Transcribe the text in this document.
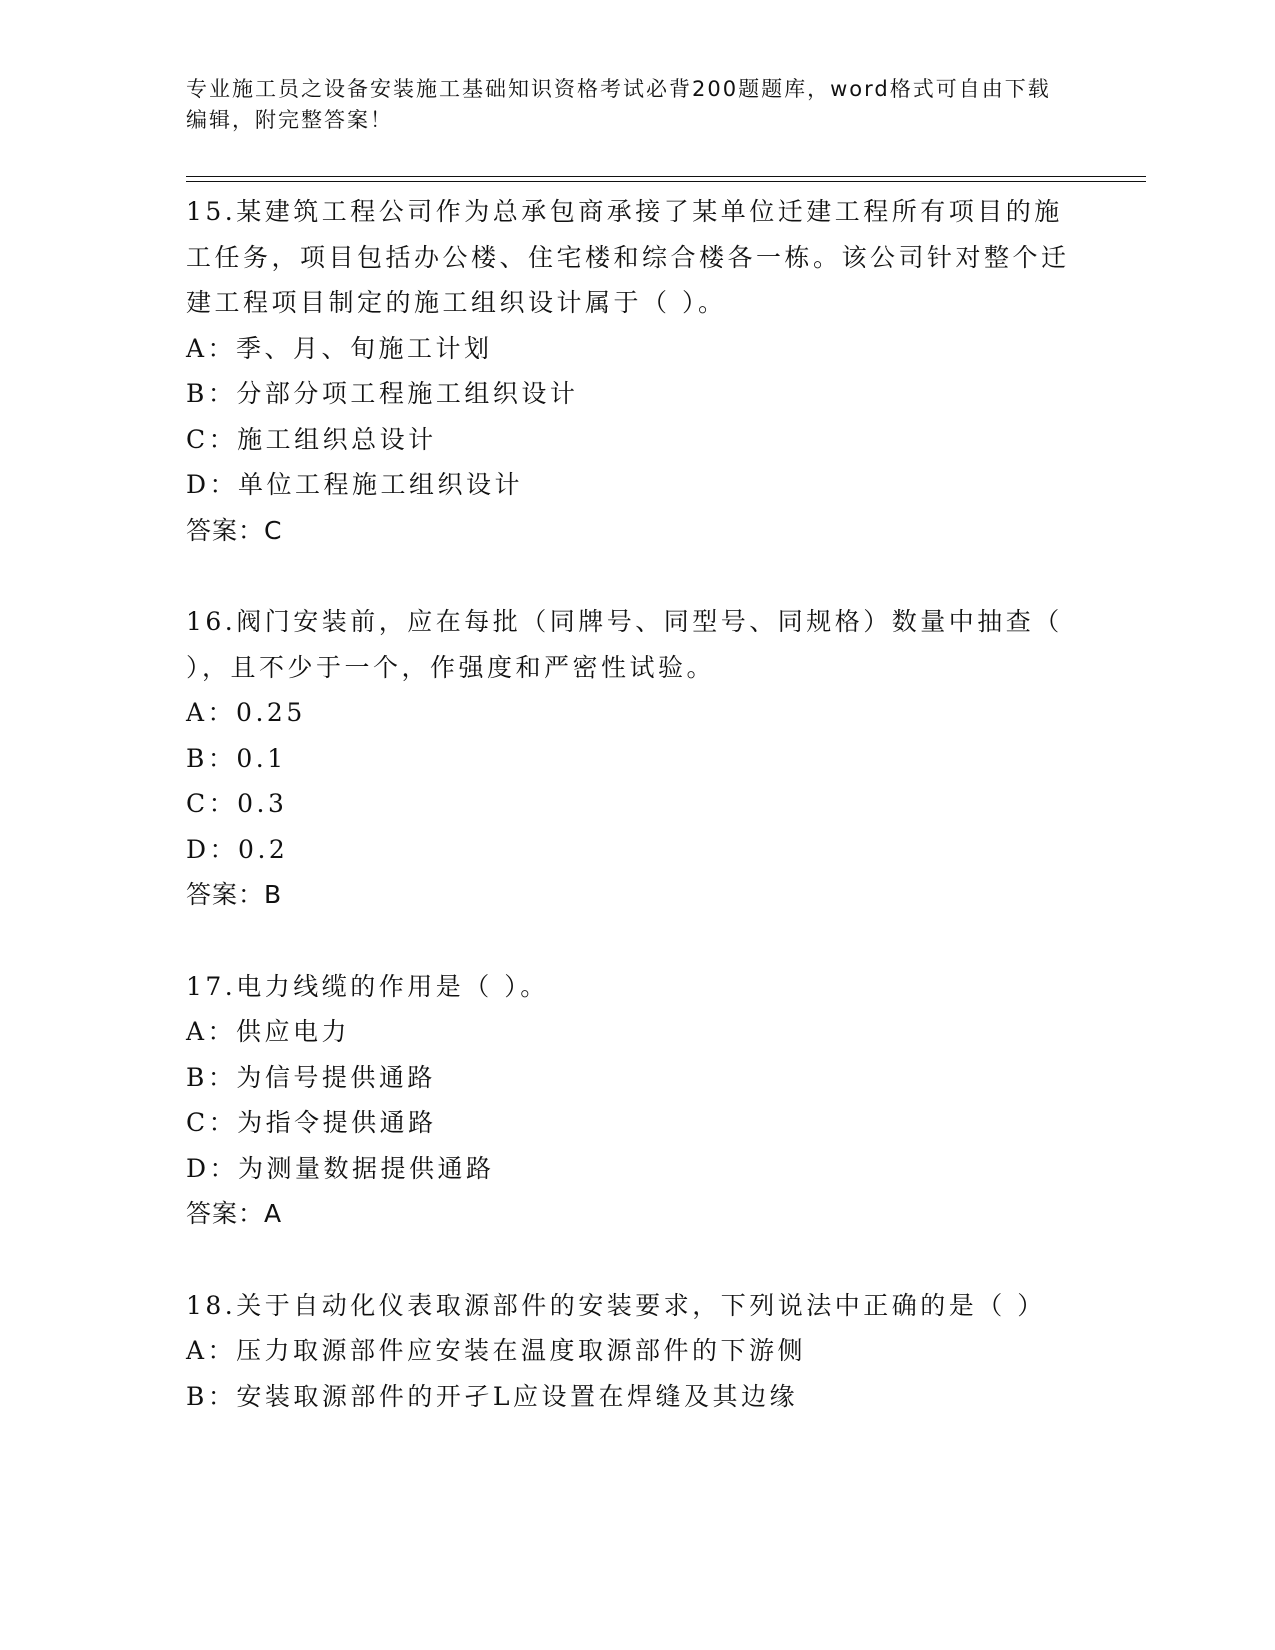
专业施工员之设备安装施工基础知识资格考试必背200题题库，word格式可自由下载编辑，附完整答案！

15.某建筑工程公司作为总承包商承接了某单位迁建工程所有项目的施工任务，项目包括办公楼、住宅楼和综合楼各一栋。该公司针对整个迁建工程项目制定的施工组织设计属于（ ）。

A：季、月、旬施工计划

B：分部分项工程施工组织设计

C：施工组织总设计

D：单位工程施工组织设计

答案：C

16.阀门安装前，应在每批（同牌号、同型号、同规格）数量中抽查（ ），且不少于一个，作强度和严密性试验。

A：0.25

B：0.1

C：0.3

D：0.2

答案：B

17.电力线缆的作用是（ ）。

A：供应电力

B：为信号提供通路

C：为指令提供通路

D：为测量数据提供通路

答案：A

18.关于自动化仪表取源部件的安装要求，下列说法中正确的是（ ）

A：压力取源部件应安装在温度取源部件的下游侧

B：安装取源部件的开孑L应设置在焊缝及其边缘
